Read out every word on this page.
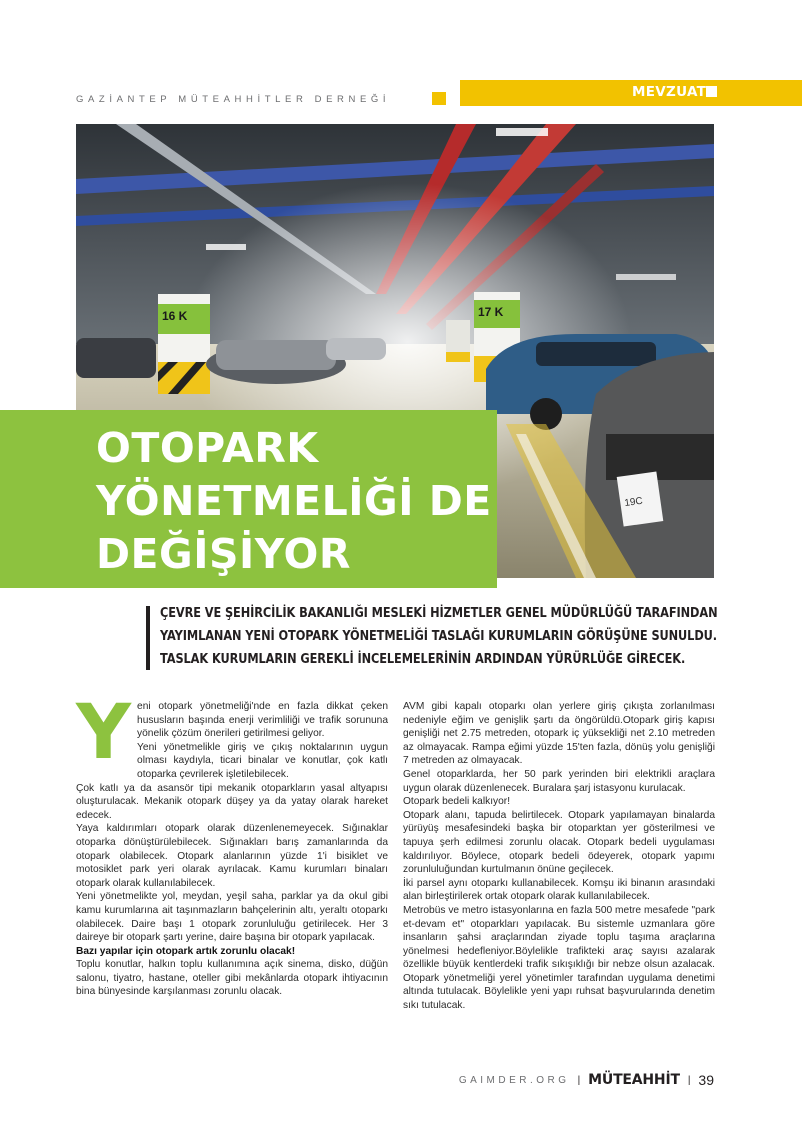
GAZİANTEP MÜTEAHHİTLER DERNEĞİ	MEVZUAT
16 K	17 K
19C
OTOPARK
YÖNETMELİĞİ DE
DEĞİŞİYOR

ÇEVRE VE ŞEHİRCİLİK BAKANLIĞI MESLEKİ HİZMETLER GENEL MÜDÜRLÜĞÜ TARAFINDAN YAYIMLANAN YENİ OTOPARK YÖNETMELİĞİ TASLAĞI KURUMLARIN GÖRÜŞÜNE SUNULDU. TASLAK KURUMLARIN GEREKLİ İNCELEMELERİNİN ARDINDAN YÜRÜRLÜĞE GİRECEK.

Y eni otopark yönetmeliği'nde en fazla dikkat çeken hususların başında enerji verimliliği ve trafik sorununa yönelik çözüm önerileri getirilmesi geliyor.

Yeni yönetmelikle giriş ve çıkış noktalarının uygun olması kaydıyla, ticari binalar ve konutlar, çok katlı otoparka çevrilerek işletilebilecek.

Çok katlı ya da asansör tipi mekanik otoparkların yasal altyapısı oluşturulacak. Mekanik otopark düşey ya da yatay olarak hareket edecek.

Yaya kaldırımları otopark olarak düzenlenemeyecek. Sığınaklar otoparka dönüştürülebilecek. Sığınakları barış zamanlarında da otopark olabilecek. Otopark alanlarının yüzde 1'i bisiklet ve motosiklet park yeri olarak ayrılacak. Kamu kurumları binaları otopark olarak kullanılabilecek.

Yeni yönetmelikte yol, meydan, yeşil saha, parklar ya da okul gibi kamu kurumlarına ait taşınmazların bahçelerinin altı, yeraltı otoparkı olabilecek. Daire başı 1 otopark zorunluluğu getirilecek. Her 3 daireye bir otopark şartı yerine, daire başına bir otopark yapılacak.

Bazı yapılar için otopark artık zorunlu olacak!

Toplu konutlar, halkın toplu kullanımına açık sinema, disko, düğün salonu, tiyatro, hastane, oteller gibi mekânlarda otopark ihtiyacının bina bünyesinde karşılanması zorunlu olacak.

AVM gibi kapalı otoparkı olan yerlere giriş çıkışta zorlanılması nedeniyle eğim ve genişlik şartı da öngörüldü.Otopark giriş kapısı genişliği net 2.75 metreden, otopark iç yüksekliği net 2.10 metreden az olmayacak. Rampa eğimi yüzde 15'ten fazla, dönüş yolu genişliği 7 metreden az olmayacak.

Genel otoparklarda, her 50 park yerinden biri elektrikli araçlara uygun olarak düzenlenecek. Buralara şarj istasyonu kurulacak.

Otopark bedeli kalkıyor!

Otopark alanı, tapuda belirtilecek. Otopark yapılamayan binalarda yürüyüş mesafesindeki başka bir otoparktan yer gösterilmesi ve tapuya şerh edilmesi zorunlu olacak. Otopark bedeli uygulaması kaldırılıyor. Böylece, otopark bedeli ödeyerek, otopark yapımı zorunluluğundan kurtulmanın önüne geçilecek.

İki parsel aynı otoparkı kullanabilecek. Komşu iki binanın arasındaki alan birleştirilerek ortak otopark olarak kullanılabilecek.

Metrobüs ve metro istasyonlarına en fazla 500 metre mesafede "park et-devam et" otoparkları yapılacak. Bu sistemle uzmanlara göre insanların şahsi araçlarından ziyade toplu taşıma araçlarına yönelmesi hedefleniyor.Böylelikle trafikteki araç sayısı azalarak özellikle büyük kentlerdeki trafik sıkışıklığı bir nebze olsun azalacak. Otopark yönetmeliği yerel yönetimler tarafından uygulama denetimi altında tutulacak. Böylelikle yeni yapı ruhsat başvurularında denetim sıkı tutulacak.

GAIMDER.ORG | MÜTEAHHİT | 39
